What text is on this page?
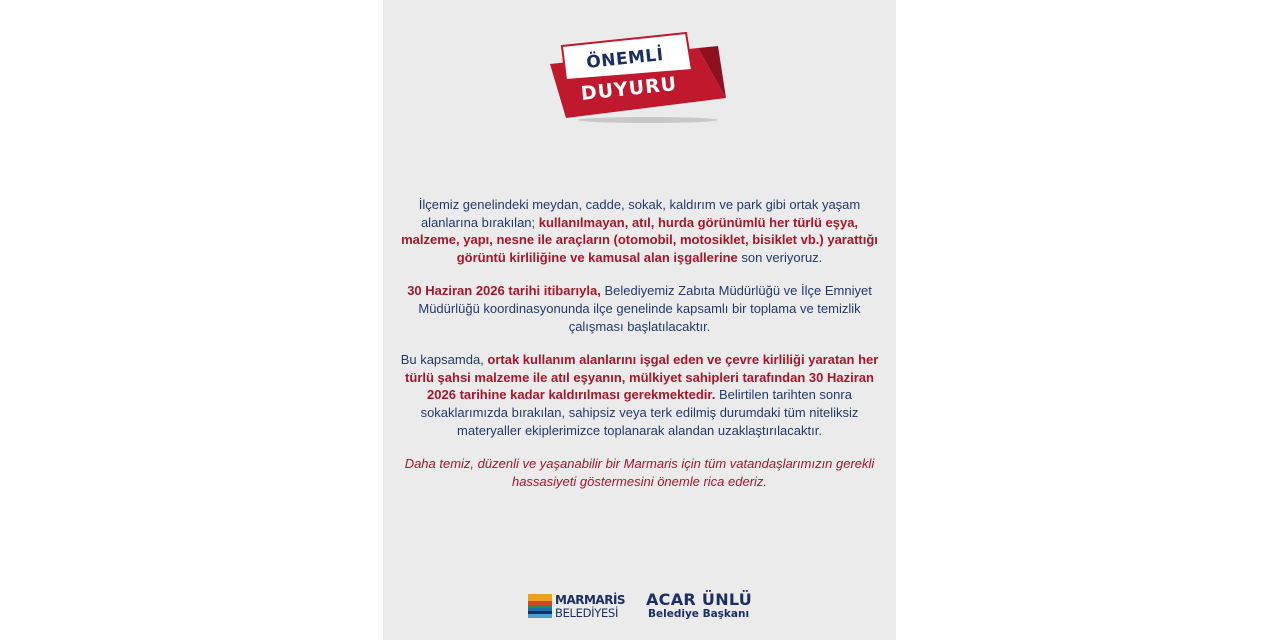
ÖNEMLİ
DUYURU

İlçemiz genelindeki meydan, cadde, sokak, kaldırım ve park gibi ortak yaşam alanlarına bırakılan; kullanılmayan, atıl, hurda görünümlü her türlü eşya, malzeme, yapı, nesne ile araçların (otomobil, motosiklet, bisiklet vb.) yarattığı görüntü kirliliğine ve kamusal alan işgallerine son veriyoruz.

30 Haziran 2026 tarihi itibarıyla, Belediyemiz Zabıta Müdürlüğü ve İlçe Emniyet Müdürlüğü koordinasyonunda ilçe genelinde kapsamlı bir toplama ve temizlik çalışması başlatılacaktır.

Bu kapsamda, ortak kullanım alanlarını işgal eden ve çevre kirliliği yaratan her türlü şahsi malzeme ile atıl eşyanın, mülkiyet sahipleri tarafından 30 Haziran 2026 tarihine kadar kaldırılması gerekmektedir. Belirtilen tarihten sonra sokaklarımızda bırakılan, sahipsiz veya terk edilmiş durumdaki tüm niteliksiz materyaller ekiplerimizce toplanarak alandan uzaklaştırılacaktır.

Daha temiz, düzenli ve yaşanabilir bir Marmaris için tüm vatandaşlarımızın gerekli hassasiyeti göstermesini önemle rica ederiz.

MARMARİS
BELEDİYESİ
ACAR ÜNLÜ
Belediye Başkanı
